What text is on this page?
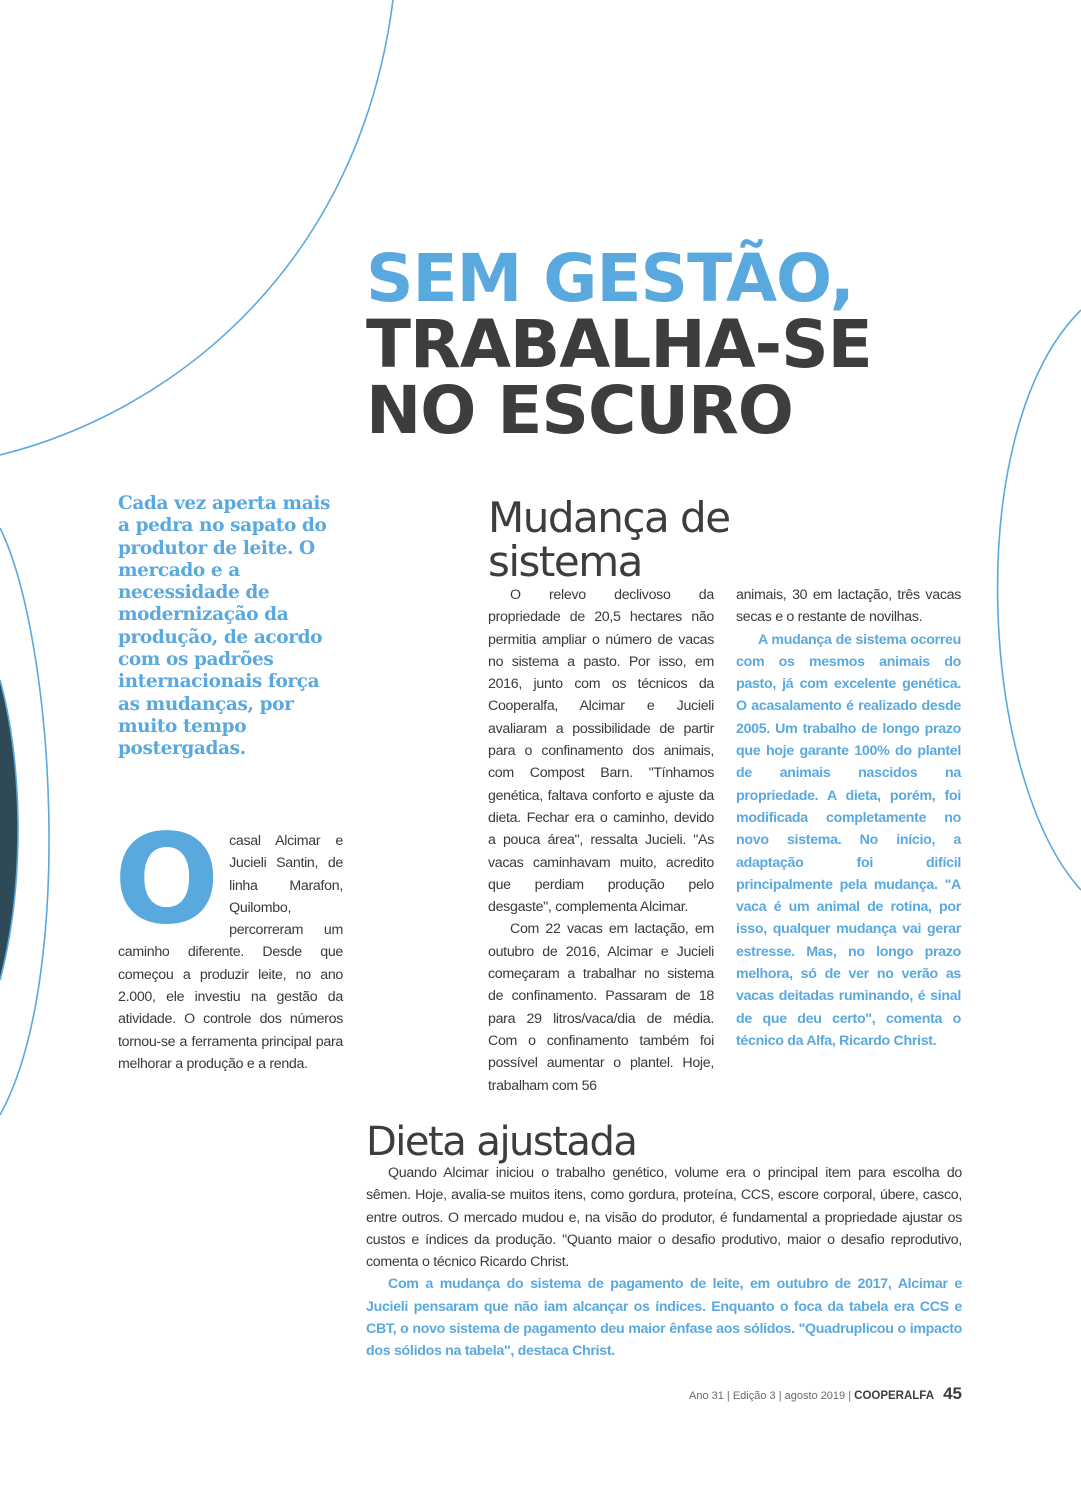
SEM GESTÃO,
TRABALHA-SE
NO ESCURO

Cada vez aperta mais a pedra no sapato do produtor de leite. O mercado e a necessidade de modernização da produção, de acordo com os padrões internacionais força as mudanças, por muito tempo postergadas.

O casal Alcimar e Jucieli Santin, de linha Marafon, Quilombo, percorreram um caminho diferente. Desde que começou a produzir leite, no ano 2.000, ele investiu na gestão da atividade. O controle dos números tornou-se a ferramenta principal para melhorar a produção e a renda.

Mudança de sistema

O relevo declivoso da propriedade de 20,5 hectares não permitia ampliar o número de vacas no sistema a pasto. Por isso, em 2016, junto com os técnicos da Cooperalfa, Alcimar e Jucieli avaliaram a possibilidade de partir para o confinamento dos animais, com Compost Barn. "Tínhamos genética, faltava conforto e ajuste da dieta. Fechar era o caminho, devido a pouca área", ressalta Jucieli. "As vacas caminhavam muito, acredito que perdiam produção pelo desgaste", complementa Alcimar.

Com 22 vacas em lactação, em outubro de 2016, Alcimar e Jucieli começaram a trabalhar no sistema de confinamento. Passaram de 18 para 29 litros/vaca/dia de média. Com o confinamento também foi possível aumentar o plantel. Hoje, trabalham com 56

animais, 30 em lactação, três vacas secas e o restante de novilhas.

A mudança de sistema ocorreu com os mesmos animais do pasto, já com excelente genética. O acasalamento é realizado desde 2005. Um trabalho de longo prazo que hoje garante 100% do plantel de animais nascidos na propriedade. A dieta, porém, foi modificada completamente no novo sistema. No início, a adaptação foi difícil principalmente pela mudança. "A vaca é um animal de rotina, por isso, qualquer mudança vai gerar estresse. Mas, no longo prazo melhora, só de ver no verão as vacas deitadas ruminando, é sinal de que deu certo", comenta o técnico da Alfa, Ricardo Christ.

Dieta ajustada

Quando Alcimar iniciou o trabalho genético, volume era o principal item para escolha do sêmen. Hoje, avalia-se muitos itens, como gordura, proteína, CCS, escore corporal, úbere, casco, entre outros. O mercado mudou e, na visão do produtor, é fundamental a propriedade ajustar os custos e índices da produção. "Quanto maior o desafio produtivo, maior o desafio reprodutivo, comenta o técnico Ricardo Christ.

Com a mudança do sistema de pagamento de leite, em outubro de 2017, Alcimar e Jucieli pensaram que não iam alcançar os índices. Enquanto o foca da tabela era CCS e CBT, o novo sistema de pagamento deu maior ênfase aos sólidos. "Quadruplicou o impacto dos sólidos na tabela", destaca Christ.

Ano 31 | Edição 3 | agosto 2019 | COOPERALFA 45
